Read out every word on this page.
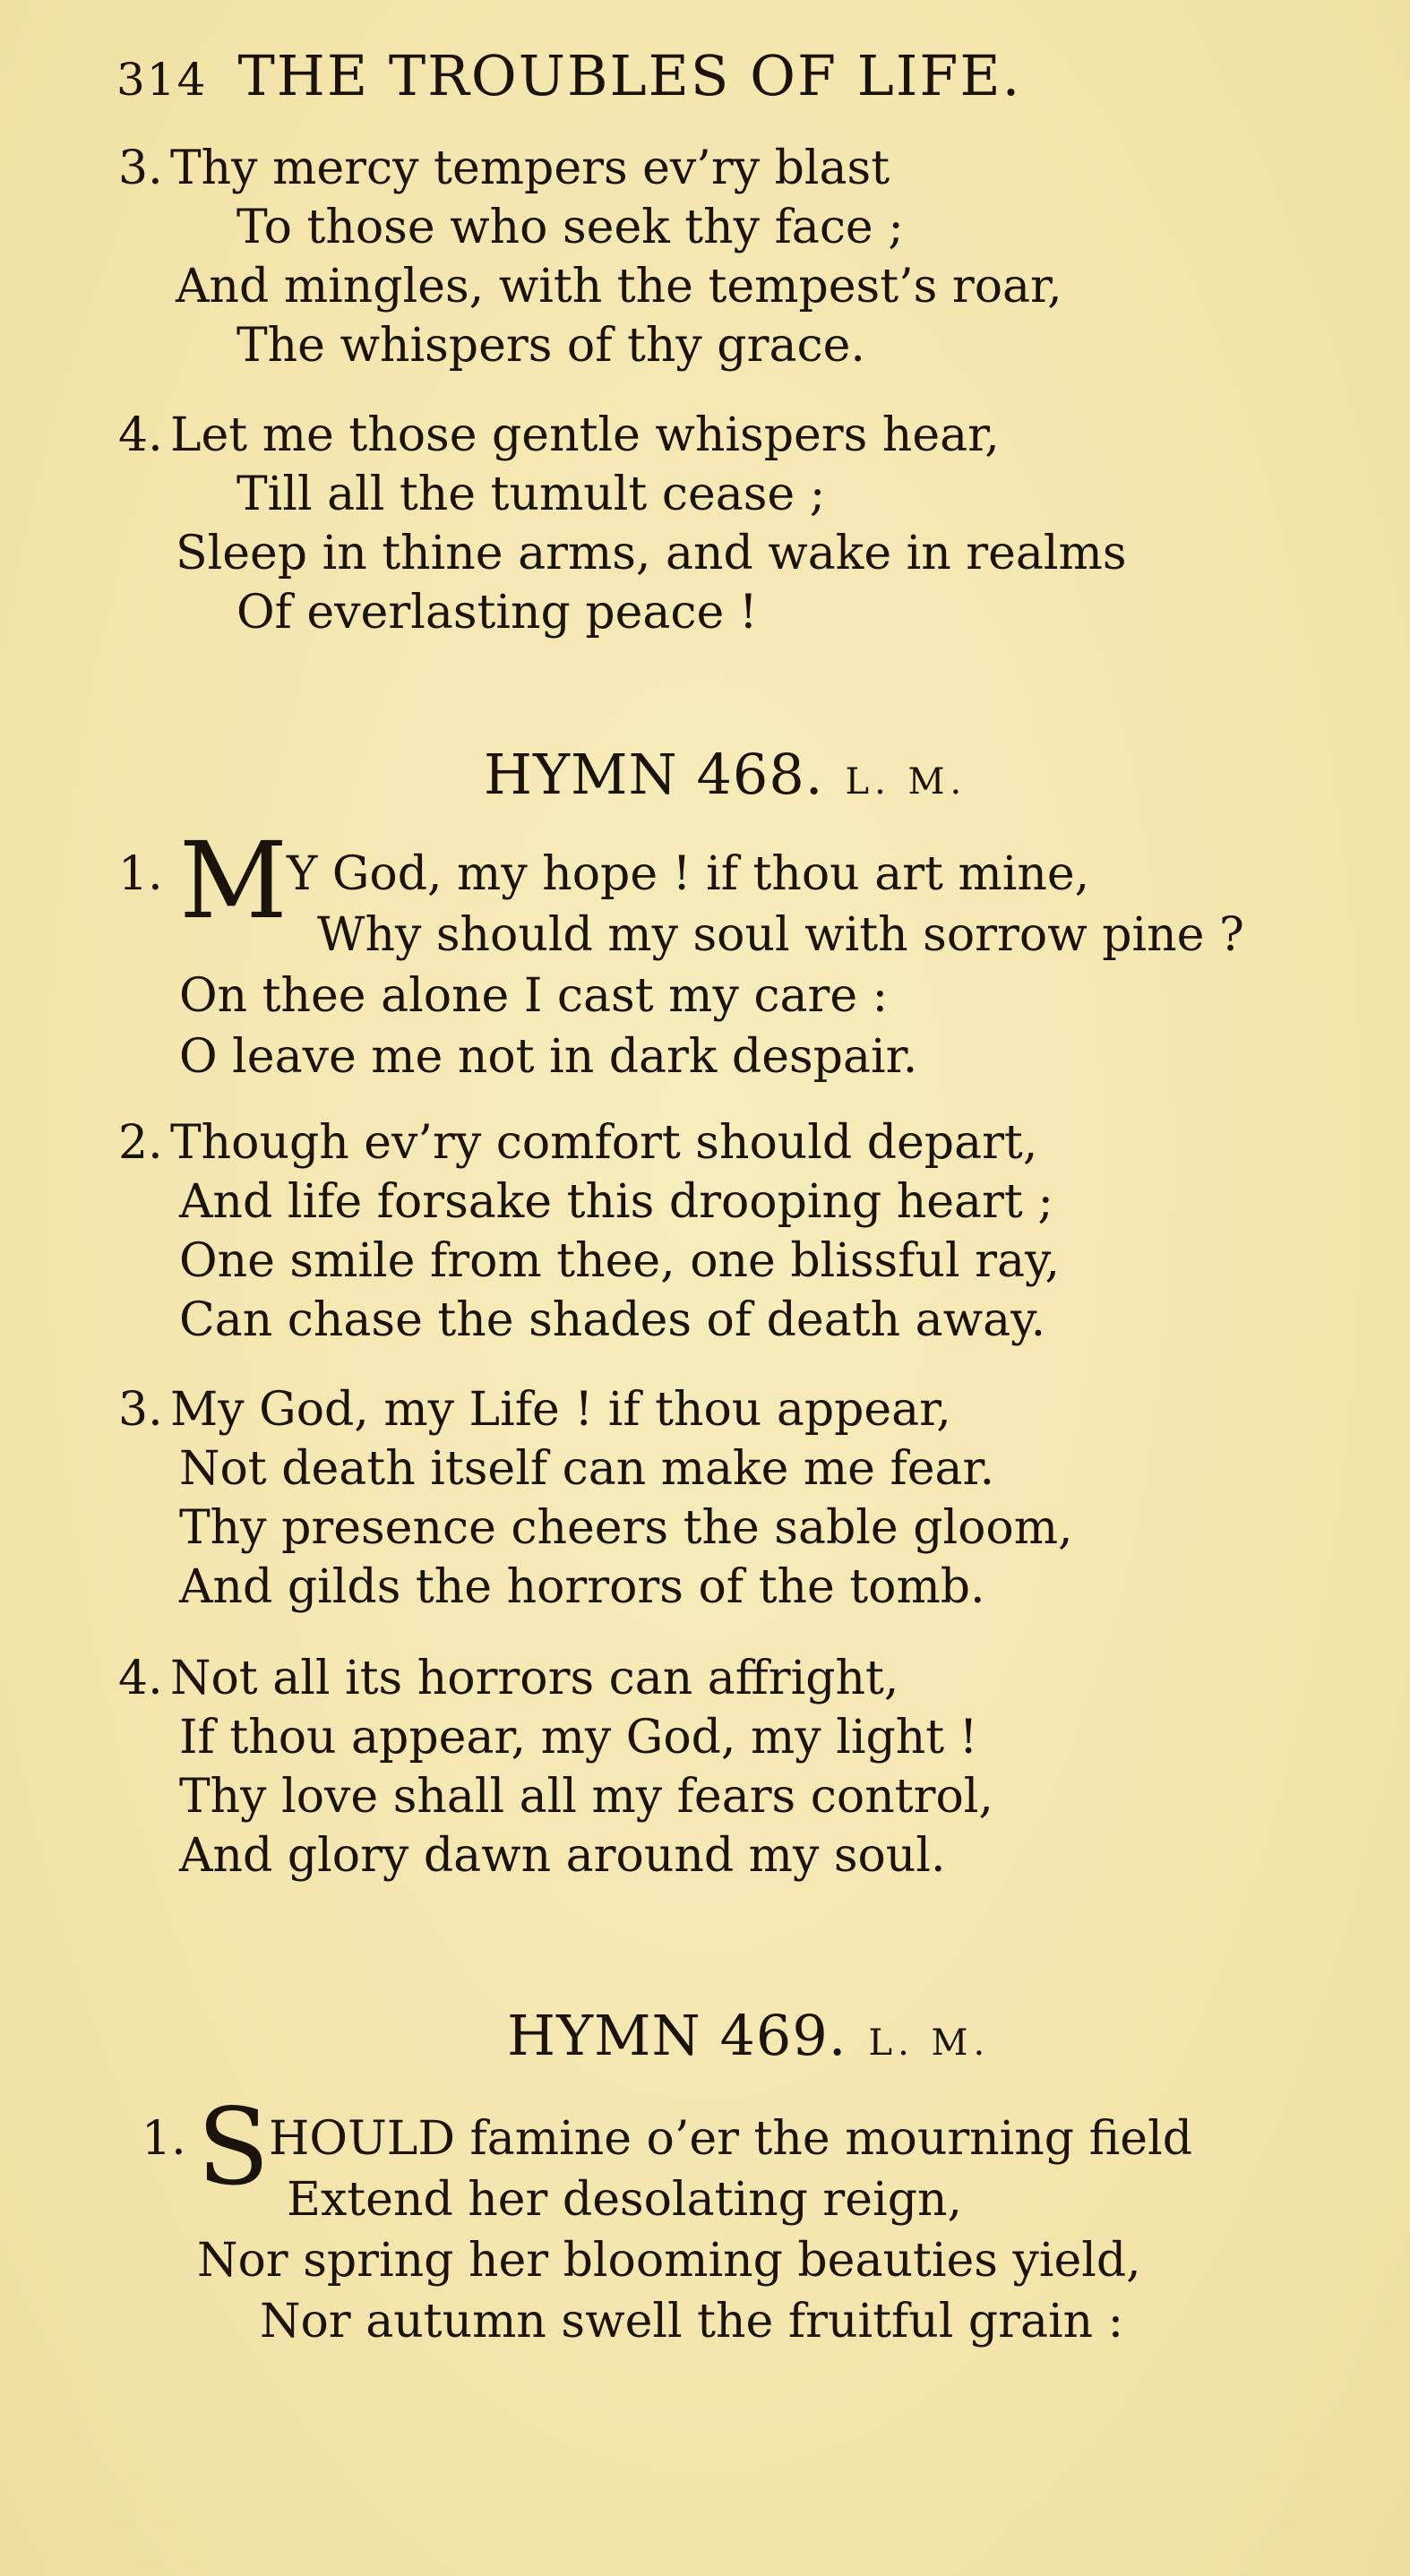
314 THE TROUBLES OF LIFE.
3. Thy mercy tempers ev’ry blast
To those who seek thy face ;
And mingles, with the tempest’s roar,
The whispers of thy grace.
4. Let me those gentle whispers hear,
Till all the tumult cease ;
Sleep in thine arms, and wake in realms
Of everlasting peace !
HYMN 468. L. M.
1. M Y God, my hope ! if thou art mine,
Why should my soul with sorrow pine ?
On thee alone I cast my care :
O leave me not in dark despair.
2. Though ev’ry comfort should depart,
And life forsake this drooping heart ;
One smile from thee, one blissful ray,
Can chase the shades of death away.
3. My God, my Life ! if thou appear,
Not death itself can make me fear.
Thy presence cheers the sable gloom,
And gilds the horrors of the tomb.
4. Not all its horrors can affright,
If thou appear, my God, my light !
Thy love shall all my fears control,
And glory dawn around my soul.
HYMN 469. L. M.
1. S HOULD famine o’er the mourning field
Extend her desolating reign,
Nor spring her blooming beauties yield,
Nor autumn swell the fruitful grain :
